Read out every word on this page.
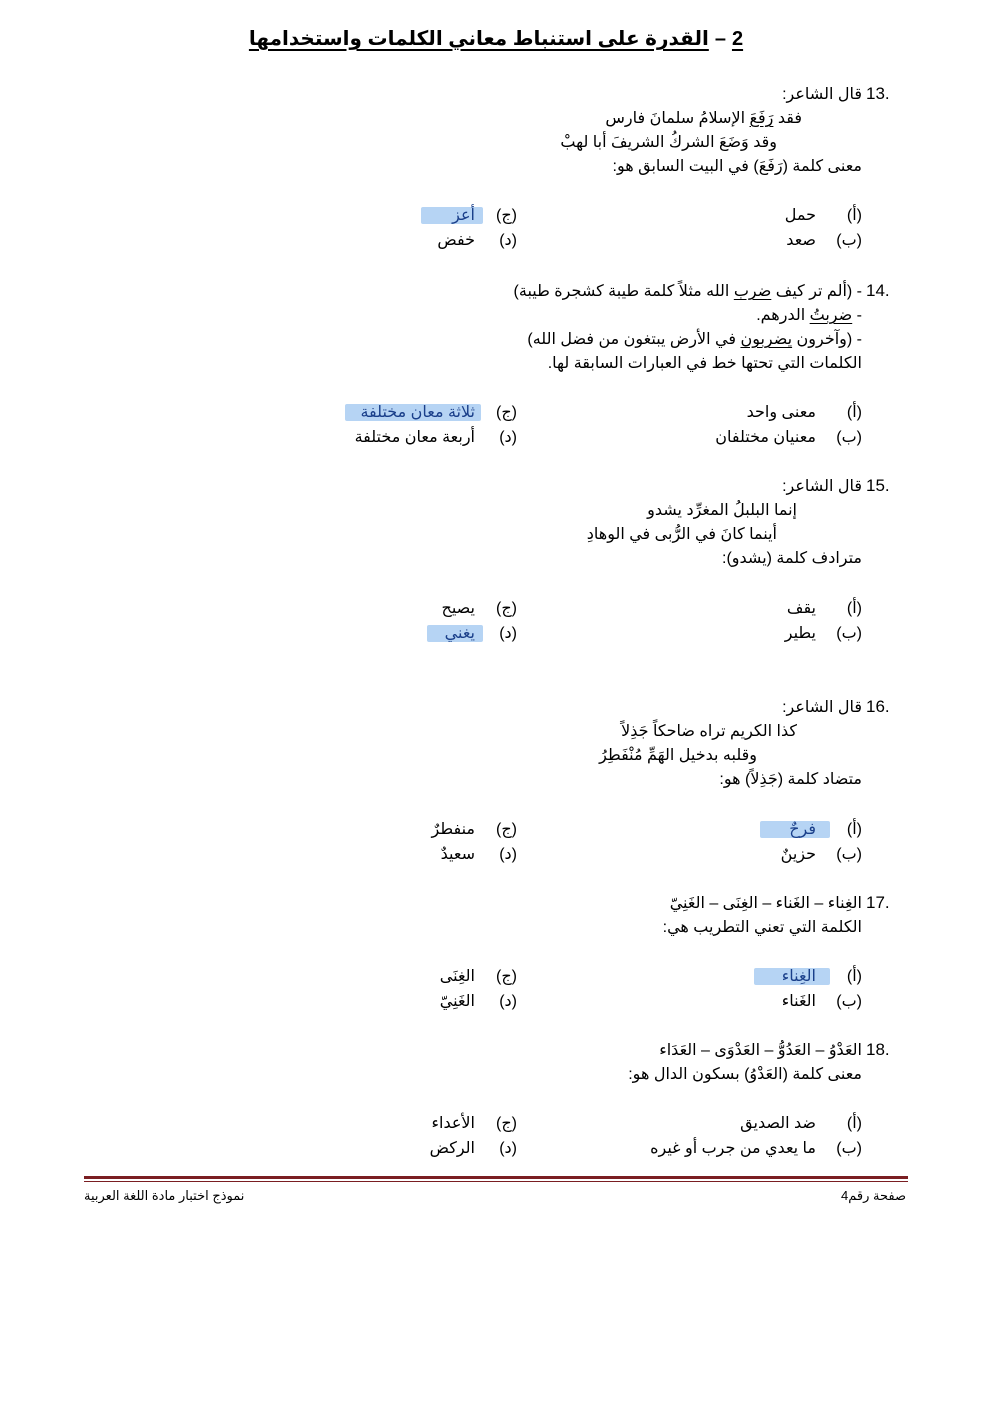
2–القدرة على استنباط معاني الكلمات واستخدامها
13.
قال الشاعر:
فقد رَفَعَ الإسلامُ سلمانَ فارس
وقد وَضَعَ الشركُ الشريفَ أبا لهبْ
معنى كلمة (رَفَعَ) في البيت السابق هو:
(أ)
حمل
(ب)
صعد
(ج)
أعز
(د)
خفض
14.
- (ألم تر كيف ضرب الله مثلاً كلمة طيبة كشجرة طيبة)
- ضربتُ الدرهم.
- (وآخرون يضربون في الأرض يبتغون من فضل الله)
الكلمات التي تحتها خط في العبارات السابقة لها.
(أ)
معنى واحد
(ب)
معنيان مختلفان
(ج)
ثلاثة معان مختلفة
(د)
أربعة معان مختلفة
15.
قال الشاعر:
إنما البلبلُ المغرِّد يشدو
أينما كانَ في الرُّبى في الوهادِ
مترادف كلمة (يشدو):
(أ)
يقف
(ب)
يطير
(ج)
يصيح
(د)
يغني
16.
قال الشاعر:
كذا الكريم تراه ضاحكاً جَذِلاً
وقلبه بدخيل الهَمِّ مُنْفَطِرُ
متضاد كلمة (جَذِلاً) هو:
(أ)
فرحٌ
(ب)
حزينٌ
(ج)
منفطرٌ
(د)
سعيدٌ
17.
الغِناء – الغَناء – الغِنَى – الغَنِيّ
الكلمة التي تعني التطريب هي:
(أ)
الغِناء
(ب)
الغَناء
(ج)
الغِنَى
(د)
الغَنِيّ
18.
العَدْوُ – العَدُوُّ – العَدْوَى – العَدَاء
معنى كلمة (العَدْوُ) بسكون الدال هو:
(أ)
ضد الصديق
(ب)
ما يعدي من جرب أو غيره
(ج)
الأعداء
(د)
الركض
صفحة رقم4
نموذج اختبار مادة اللغة العربية
